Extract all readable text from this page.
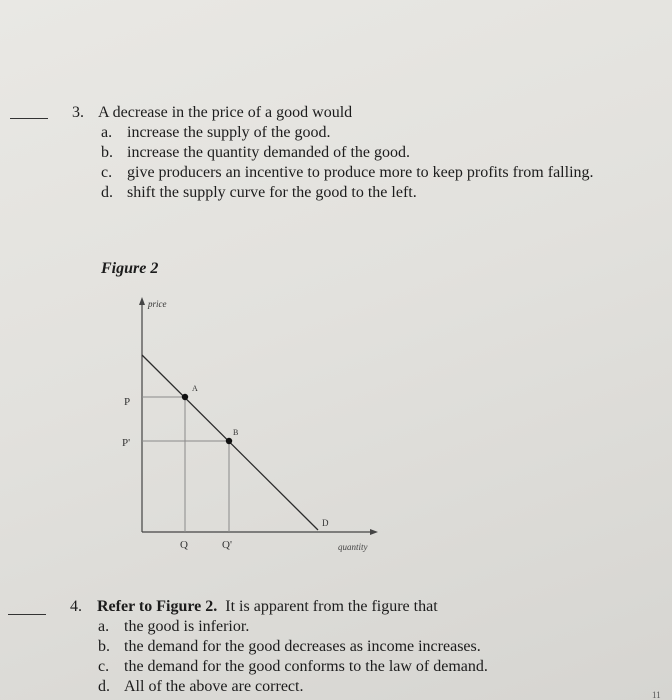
3. A decrease in the price of a good would
a. increase the supply of the good.
b. increase the quantity demanded of the good.
c. give producers an incentive to produce more to keep profits from falling.
d. shift the supply curve for the good to the left.
Figure 2
price
quantity
A
B
P
P'
Q	Q'
D
4. Refer to Figure 2. It is apparent from the figure that
a. the good is inferior.
b. the demand for the good decreases as income increases.
c. the demand for the good conforms to the law of demand.
d. All of the above are correct.	11
